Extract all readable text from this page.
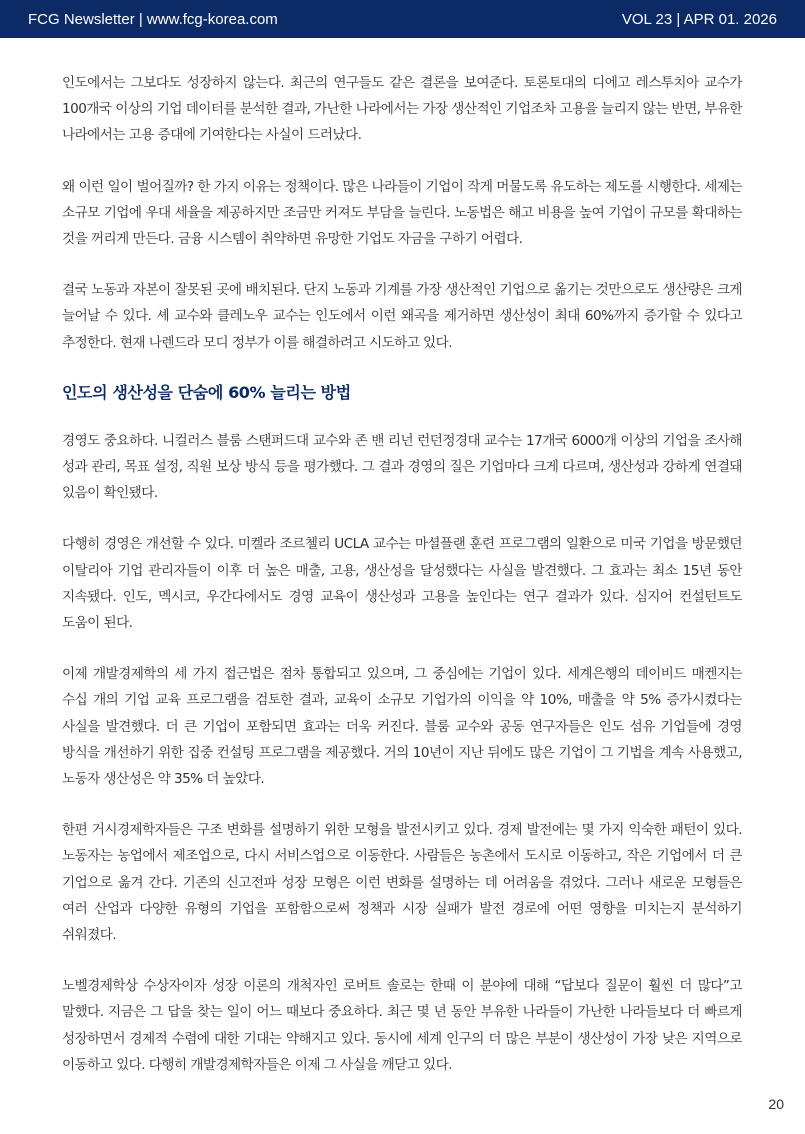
FCG Newsletter | www.fcg-korea.com	VOL 23 | APR 01. 2026

인도에서는 그보다도 성장하지 않는다. 최근의 연구들도 같은 결론을 보여준다. 토론토대의 디에고 레스투치아 교수가 100개국 이상의 기업 데이터를 분석한 결과, 가난한 나라에서는 가장 생산적인 기업조차 고용을 늘리지 않는 반면, 부유한 나라에서는 고용 증대에 기여한다는 사실이 드러났다.

왜 이런 일이 벌어질까? 한 가지 이유는 정책이다. 많은 나라들이 기업이 작게 머물도록 유도하는 제도를 시행한다. 세제는 소규모 기업에 우대 세율을 제공하지만 조금만 커져도 부담을 늘린다. 노동법은 해고 비용을 높여 기업이 규모를 확대하는 것을 꺼리게 만든다. 금융 시스템이 취약하면 유망한 기업도 자금을 구하기 어렵다.

결국 노동과 자본이 잘못된 곳에 배치된다. 단지 노동과 기계를 가장 생산적인 기업으로 옮기는 것만으로도 생산량은 크게 늘어날 수 있다. 셰 교수와 클레노우 교수는 인도에서 이런 왜곡을 제거하면 생산성이 최대 60%까지 증가할 수 있다고 추정한다. 현재 나렌드라 모디 정부가 이를 해결하려고 시도하고 있다.

인도의 생산성을 단숨에 60% 늘리는 방법

경영도 중요하다. 니컬러스 블룸 스탠퍼드대 교수와 존 밴 리넌 런던정경대 교수는 17개국 6000개 이상의 기업을 조사해 성과 관리, 목표 설정, 직원 보상 방식 등을 평가했다. 그 결과 경영의 질은 기업마다 크게 다르며, 생산성과 강하게 연결돼 있음이 확인됐다.

다행히 경영은 개선할 수 있다. 미켈라 조르첼리 UCLA 교수는 마셜플랜 훈련 프로그램의 일환으로 미국 기업을 방문했던 이탈리아 기업 관리자들이 이후 더 높은 매출, 고용, 생산성을 달성했다는 사실을 발견했다. 그 효과는 최소 15년 동안 지속됐다. 인도, 멕시코, 우간다에서도 경영 교육이 생산성과 고용을 높인다는 연구 결과가 있다. 심지어 컨설턴트도 도움이 된다.

이제 개발경제학의 세 가지 접근법은 점차 통합되고 있으며, 그 중심에는 기업이 있다. 세계은행의 데이비드 매켄지는 수십 개의 기업 교육 프로그램을 검토한 결과, 교육이 소규모 기업가의 이익을 약 10%, 매출을 약 5% 증가시켰다는 사실을 발견했다. 더 큰 기업이 포함되면 효과는 더욱 커진다. 블룸 교수와 공동 연구자들은 인도 섬유 기업들에 경영 방식을 개선하기 위한 집중 컨설팅 프로그램을 제공했다. 거의 10년이 지난 뒤에도 많은 기업이 그 기법을 계속 사용했고, 노동자 생산성은 약 35% 더 높았다.

한편 거시경제학자들은 구조 변화를 설명하기 위한 모형을 발전시키고 있다. 경제 발전에는 몇 가지 익숙한 패턴이 있다. 노동자는 농업에서 제조업으로, 다시 서비스업으로 이동한다. 사람들은 농촌에서 도시로 이동하고, 작은 기업에서 더 큰 기업으로 옮겨 간다. 기존의 신고전파 성장 모형은 이런 변화를 설명하는 데 어려움을 겪었다. 그러나 새로운 모형들은 여러 산업과 다양한 유형의 기업을 포함함으로써 정책과 시장 실패가 발전 경로에 어떤 영향을 미치는지 분석하기 쉬워졌다.

노벨경제학상 수상자이자 성장 이론의 개척자인 로버트 솔로는 한때 이 분야에 대해 “답보다 질문이 훨씬 더 많다”고 말했다. 지금은 그 답을 찾는 일이 어느 때보다 중요하다. 최근 몇 년 동안 부유한 나라들이 가난한 나라들보다 더 빠르게 성장하면서 경제적 수렴에 대한 기대는 약해지고 있다. 동시에 세계 인구의 더 많은 부분이 생산성이 가장 낮은 지역으로 이동하고 있다. 다행히 개발경제학자들은 이제 그 사실을 깨닫고 있다.

20
